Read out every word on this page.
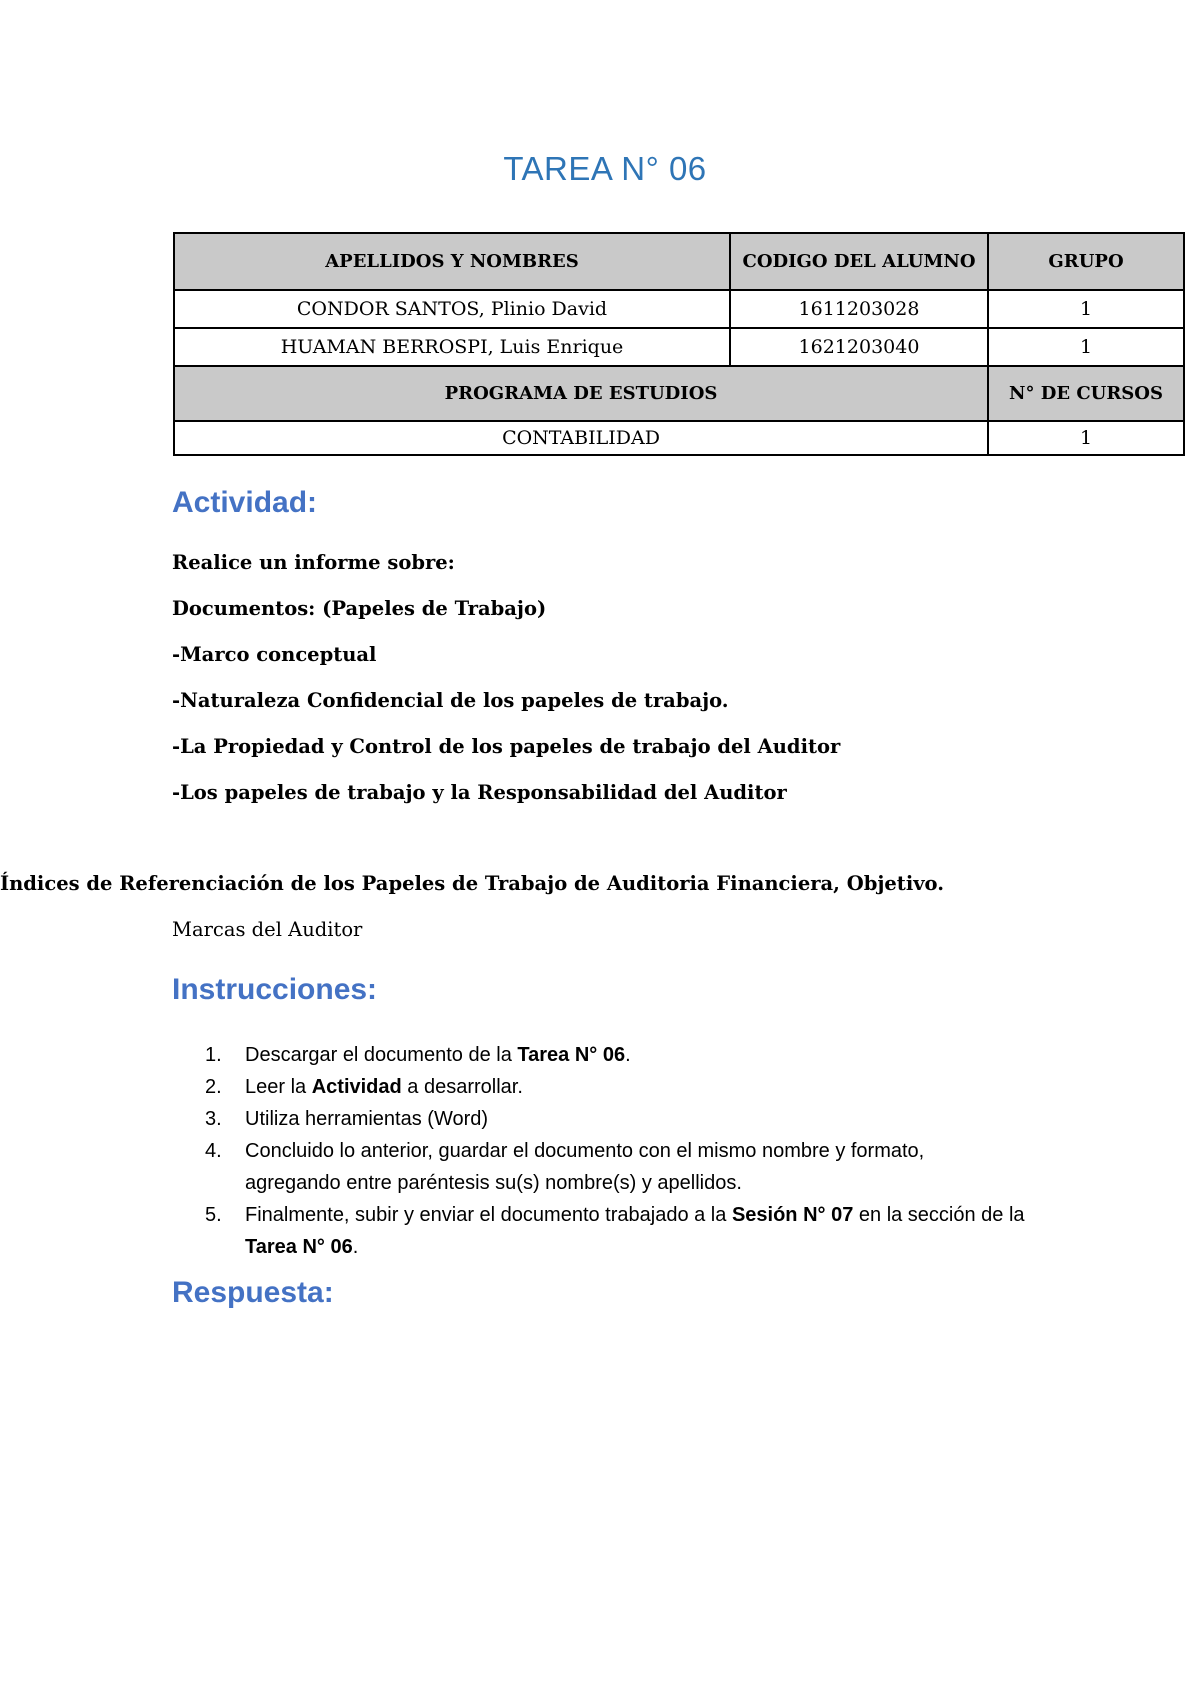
TAREA N° 06
APELLIDOS Y NOMBRES	CODIGO DEL ALUMNO	GRUPO
CONDOR SANTOS, Plinio David	1611203028	1
HUAMAN BERROSPI, Luis Enrique	1621203040	1
PROGRAMA DE ESTUDIOS		N° DE CURSOS
CONTABILIDAD		1
Actividad:
Realice un informe sobre:
Documentos: (Papeles de Trabajo)
-Marco conceptual
-Naturaleza Confidencial de los papeles de trabajo.
-La Propiedad y Control de los papeles de trabajo del Auditor
-Los papeles de trabajo y la Responsabilidad del Auditor
Índices de Referenciación de los Papeles de Trabajo de Auditoria Financiera, Objetivo.
Marcas del Auditor
Instrucciones:
1. Descargar el documento de la Tarea N° 06.
2. Leer la Actividad a desarrollar.
3. Utiliza herramientas (Word)
4. Concluido lo anterior, guardar el documento con el mismo nombre y formato, agregando entre paréntesis su(s) nombre(s) y apellidos.
5. Finalmente, subir y enviar el documento trabajado a la Sesión N° 07 en la sección de la Tarea N° 06.
Respuesta:
